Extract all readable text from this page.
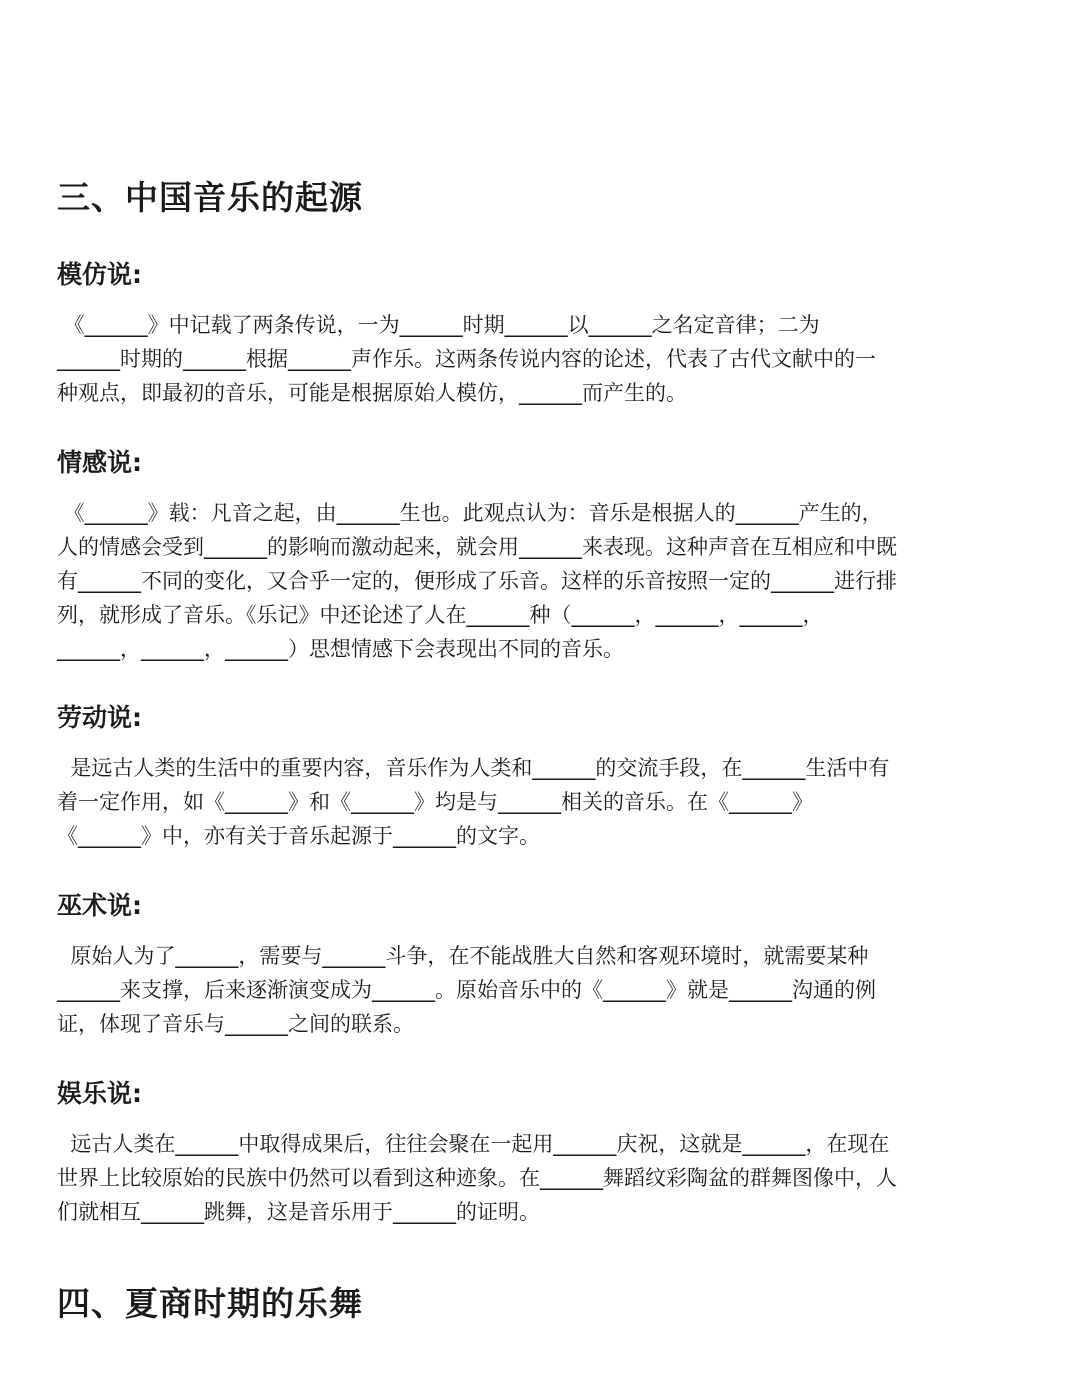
三、中国音乐的起源
模仿说:
《______》中记载了两条传说，一为______时期______以______之名定音律；二为
______时期的______根据______声作乐。这两条传说内容的论述，代表了古代文献中的一
种观点，即最初的音乐，可能是根据原始人模仿，______而产生的。
情感说:
《______》载：凡音之起，由______生也。此观点认为：音乐是根据人的______产生的，
人的情感会受到______的影响而激动起来，就会用______来表现。这种声音在互相应和中既
有______不同的变化，又合乎一定的，便形成了乐音。这样的乐音按照一定的______进行排
列，就形成了音乐。《乐记》中还论述了人在______种（______，______，______，
______，______，______）思想情感下会表现出不同的音乐。
劳动说:
是远古人类的生活中的重要内容，音乐作为人类和______的交流手段，在______生活中有
着一定作用，如《______》和《______》均是与______相关的音乐。在《______》
《______》中，亦有关于音乐起源于______的文字。
巫术说:
原始人为了______，需要与______斗争，在不能战胜大自然和客观环境时，就需要某种
______来支撑，后来逐渐演变成为______。原始音乐中的《______》就是______沟通的例
证，体现了音乐与______之间的联系。
娱乐说:
远古人类在______中取得成果后，往往会聚在一起用______庆祝，这就是______，在现在
世界上比较原始的民族中仍然可以看到这种迹象。在______舞蹈纹彩陶盆的群舞图像中，人
们就相互______跳舞，这是音乐用于______的证明。
四、夏商时期的乐舞
